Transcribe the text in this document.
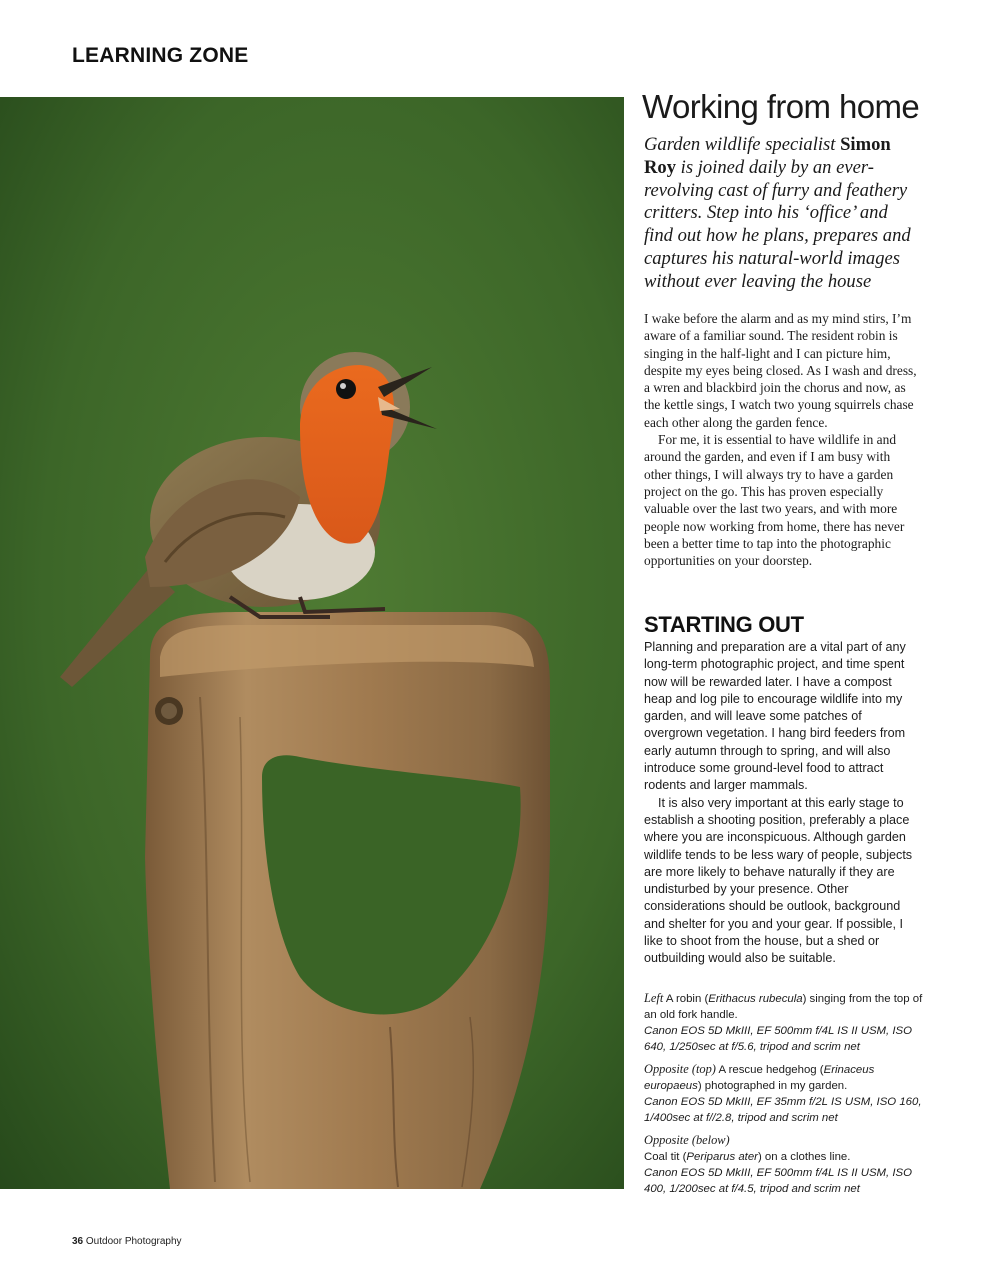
LEARNING ZONE
Working from home
Garden wildlife specialist Simon Roy is joined daily by an ever-revolving cast of furry and feathery critters. Step into his ‘office’ and find out how he plans, prepares and captures his natural-world images without ever leaving the house

I wake before the alarm and as my mind stirs, I’m aware of a familiar sound. The resident robin is singing in the half-light and I can picture him, despite my eyes being closed. As I wash and dress, a wren and blackbird join the chorus and now, as the kettle sings, I watch two young squirrels chase each other along the garden fence.

For me, it is essential to have wildlife in and around the garden, and even if I am busy with other things, I will always try to have a garden project on the go. This has proven especially valuable over the last two years, and with more people now working from home, there has never been a better time to tap into the photographic opportunities on your doorstep.

STARTING OUT

Planning and preparation are a vital part of any long-term photographic project, and time spent now will be rewarded later. I have a compost heap and log pile to encourage wildlife into my garden, and will leave some patches of overgrown vegetation. I hang bird feeders from early autumn through to spring, and will also introduce some ground-level food to attract rodents and larger mammals.

It is also very important at this early stage to establish a shooting position, preferably a place where you are inconspicuous. Although garden wildlife tends to be less wary of people, subjects are more likely to behave naturally if they are undisturbed by your presence. Other considerations should be outlook, background and shelter for you and your gear. If possible, I like to shoot from the house, but a shed or outbuilding would also be suitable.

Left A robin (Erithacus rubecula) singing from the top of an old fork handle.
Canon EOS 5D MkIII, EF 500mm f/4L IS II USM, ISO 640, 1/250sec at f/5.6, tripod and scrim net
Opposite (top) A rescue hedgehog (Erinaceus europaeus) photographed in my garden.
Canon EOS 5D MkIII, EF 35mm f/2L IS USM, ISO 160, 1/400sec at f//2.8, tripod and scrim net
Opposite (below)
Coal tit (Periparus ater) on a clothes line.
Canon EOS 5D MkIII, EF 500mm f/4L IS II USM, ISO 400, 1/200sec at f/4.5, tripod and scrim net
36 Outdoor Photography
